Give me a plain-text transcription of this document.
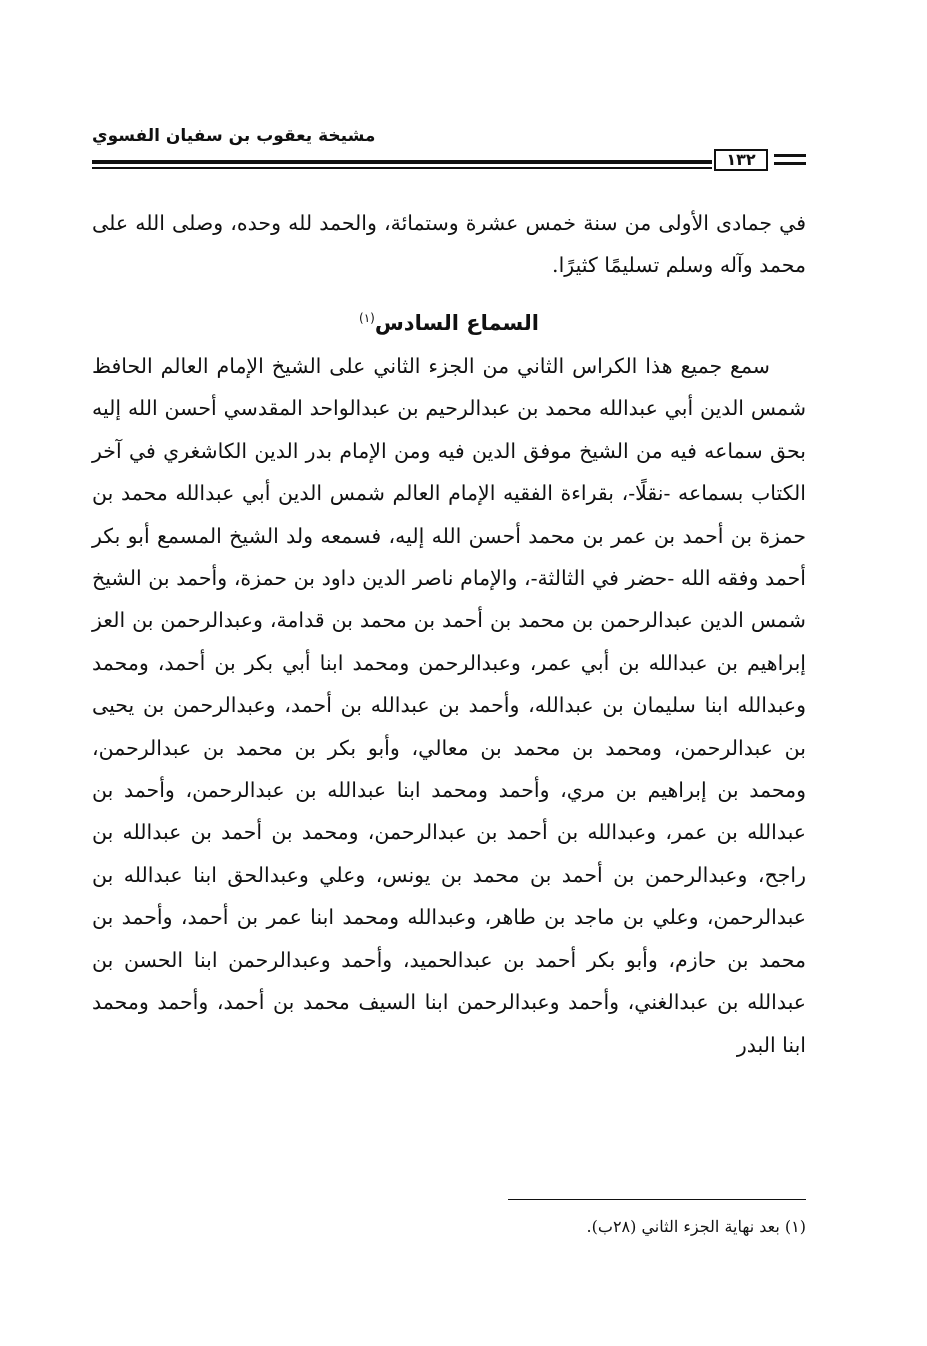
مشيخة يعقوب بن سفيان الفسوي
١٣٢

في جمادى الأولى من سنة خمس عشرة وستمائة، والحمد لله وحده، وصلى الله على محمد وآله وسلم تسليمًا كثيرًا.

السماع السادس$^{(١)}$

سمع جميع هذا الكراس الثاني من الجزء الثاني على الشيخ الإمام العالم الحافظ شمس الدين أبي عبدالله محمد بن عبدالرحيم بن عبدالواحد المقدسي أحسن الله إليه بحق سماعه فيه من الشيخ موفق الدين فيه ومن الإمام بدر الدين الكاشغري في آخر الكتاب بسماعه -نقلًا-، بقراءة الفقيه الإمام العالم شمس الدين أبي عبدالله محمد بن حمزة بن أحمد بن عمر بن محمد أحسن الله إليه، فسمعه ولد الشيخ المسمع أبو بكر أحمد وفقه الله -حضر في الثالثة-، والإمام ناصر الدين داود بن حمزة، وأحمد بن الشيخ شمس الدين عبدالرحمن بن محمد بن أحمد بن محمد بن قدامة، وعبدالرحمن بن العز إبراهيم بن عبدالله بن أبي عمر، وعبدالرحمن ومحمد ابنا أبي بكر بن أحمد، ومحمد وعبدالله ابنا سليمان بن عبدالله، وأحمد بن عبدالله بن أحمد، وعبدالرحمن بن يحيى بن عبدالرحمن، ومحمد بن محمد بن معالي، وأبو بكر بن محمد بن عبدالرحمن، ومحمد بن إبراهيم بن مري، وأحمد ومحمد ابنا عبدالله بن عبدالرحمن، وأحمد بن عبدالله بن عمر، وعبدالله بن أحمد بن عبدالرحمن، ومحمد بن أحمد بن عبدالله بن راجح، وعبدالرحمن بن أحمد بن محمد بن يونس، وعلي وعبدالحق ابنا عبدالله بن عبدالرحمن، وعلي بن ماجد بن طاهر، وعبدالله ومحمد ابنا عمر بن أحمد، وأحمد بن محمد بن حازم، وأبو بكر أحمد بن عبدالحميد، وأحمد وعبدالرحمن ابنا الحسن بن عبدالله بن عبدالغني، وأحمد وعبدالرحمن ابنا السيف محمد بن أحمد، وأحمد ومحمد ابنا البدر

(١) بعد نهاية الجزء الثاني (٢٨ب).
